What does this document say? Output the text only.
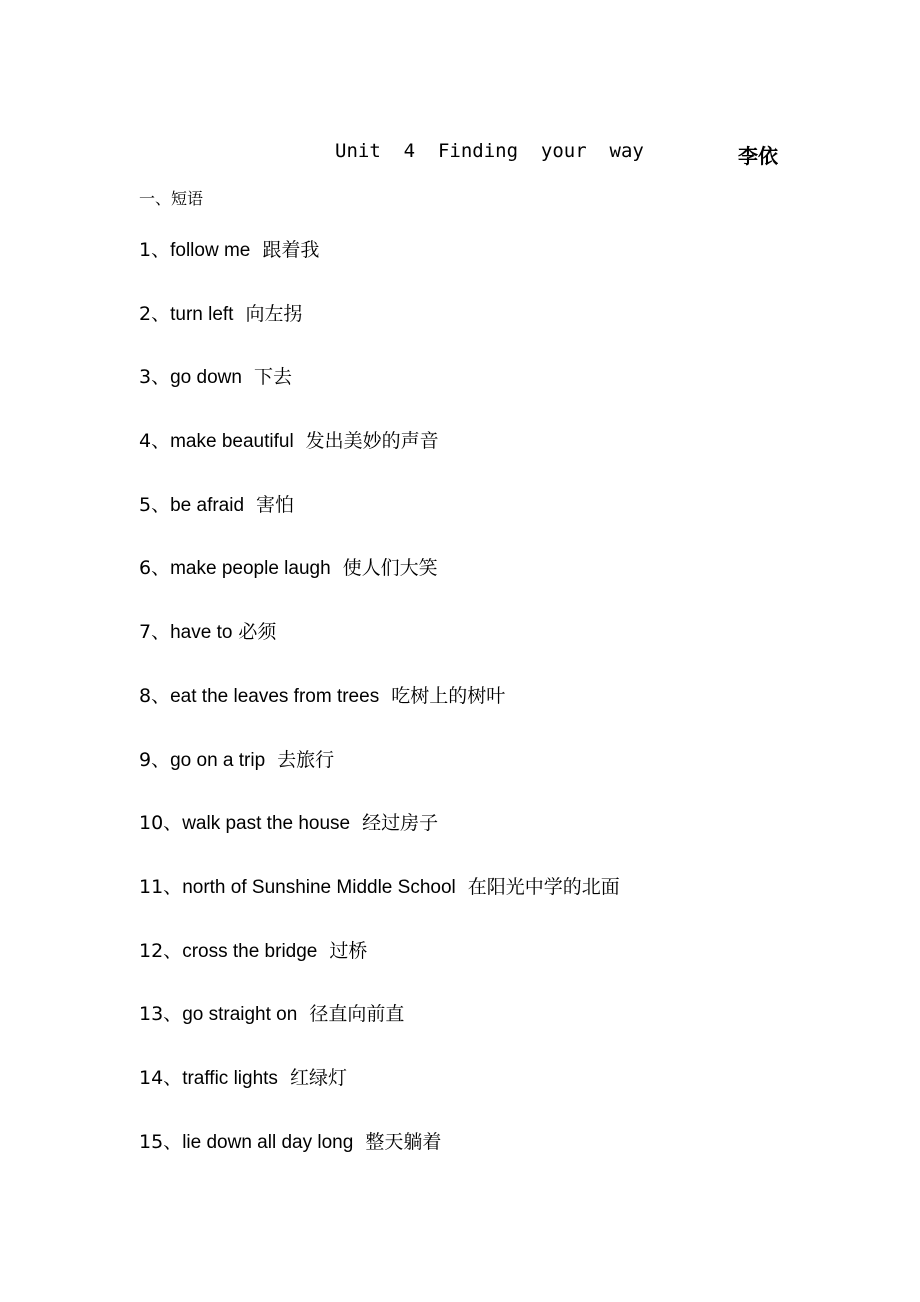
Unit  4  Finding  your  way	李依
一、短语
1、follow me 跟着我
2、turn left 向左拐
3、go down 下去
4、make beautiful 发出美妙的声音
5、be afraid 害怕
6、make people laugh 使人们大笑
7、have to 必须
8、eat the leaves from trees 吃树上的树叶
9、go on a trip 去旅行
10、walk past the house 经过房子
11、north of Sunshine Middle School 在阳光中学的北面
12、cross the bridge 过桥
13、go straight on 径直向前直
14、traffic lights 红绿灯
15、lie down all day long 整天躺着
